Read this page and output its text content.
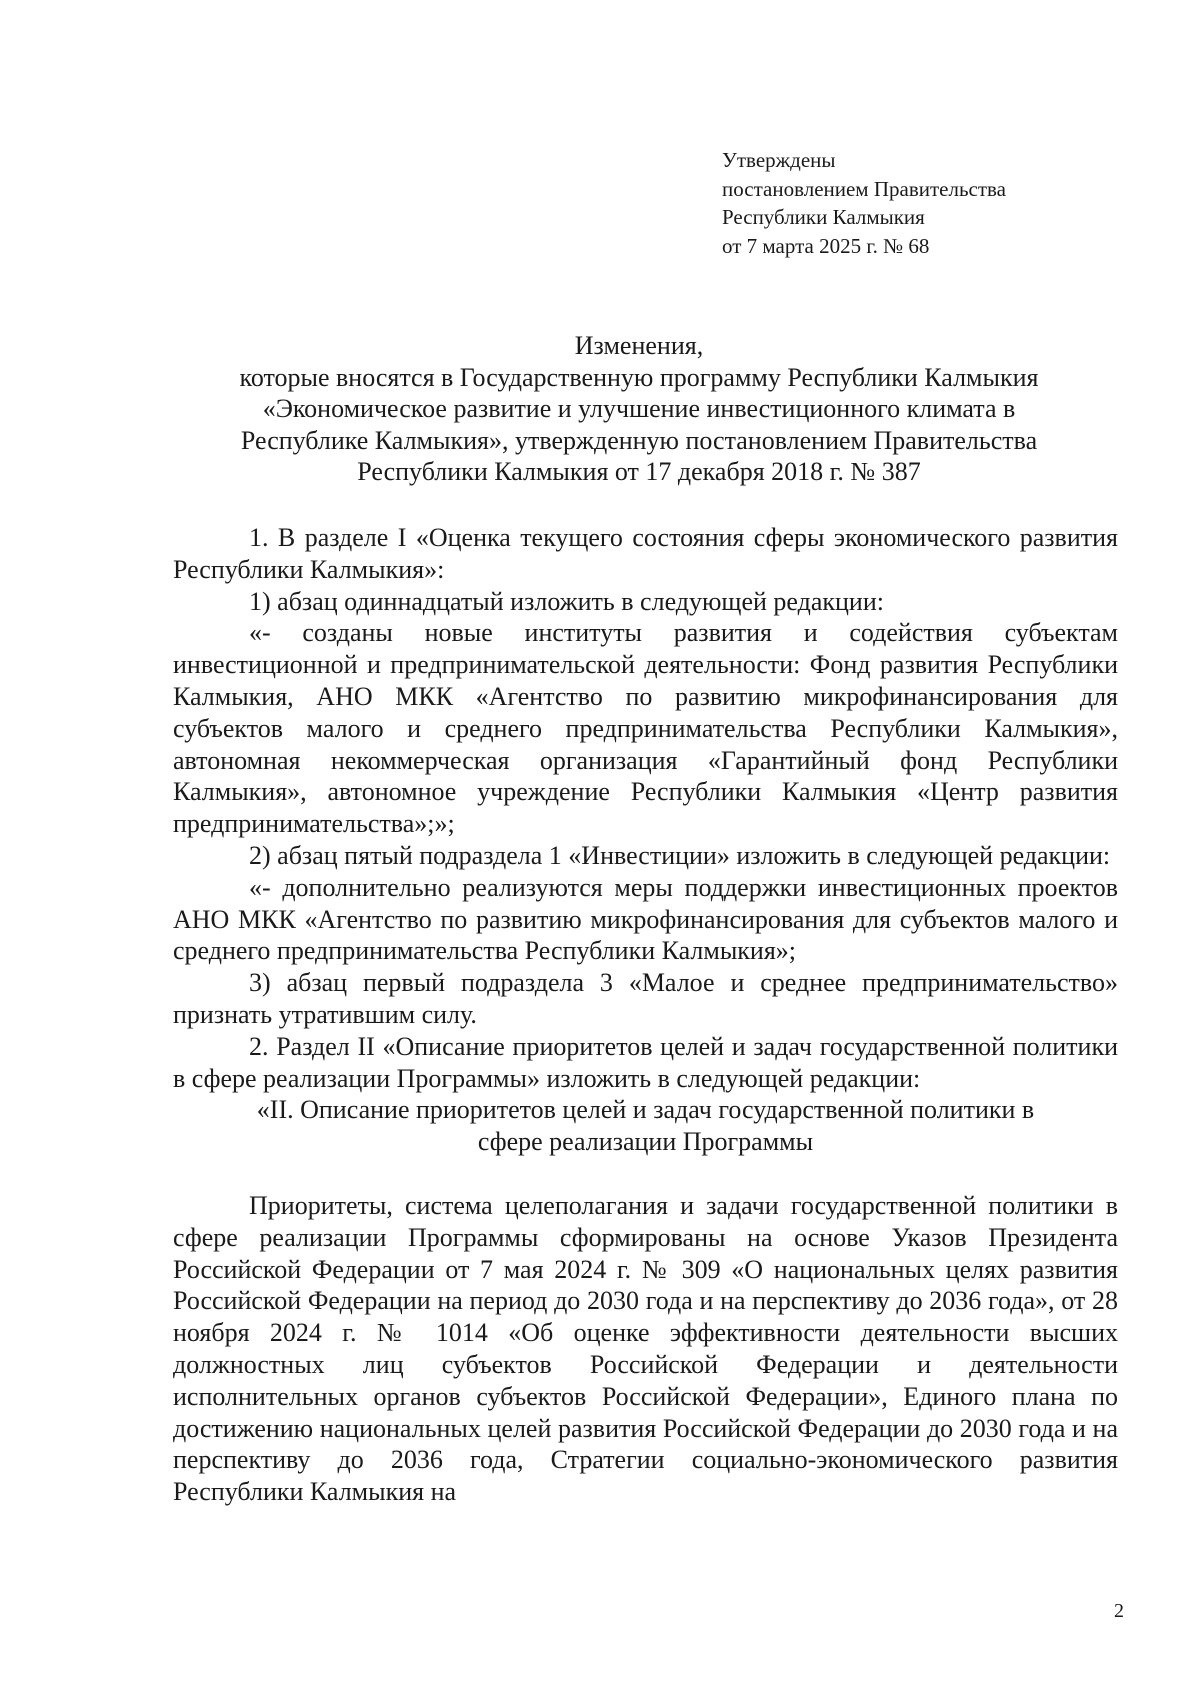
Утверждены
постановлением Правительства
Республики Калмыкия
от 7 марта 2025 г. № 68
Изменения,
которые вносятся в Государственную программу Республики Калмыкия
«Экономическое развитие и улучшение инвестиционного климата в
Республике Калмыкия», утвержденную постановлением Правительства
Республики Калмыкия от 17 декабря 2018 г. № 387
1. В разделе I «Оценка текущего состояния сферы экономического развития Республики Калмыкия»:
1) абзац одиннадцатый изложить в следующей редакции:
«- созданы новые институты развития и содействия субъектам инвестиционной и предпринимательской деятельности: Фонд развития Республики Калмыкия, АНО МКК «Агентство по развитию микрофинансирования для субъектов малого и среднего предпринимательства Республики Калмыкия», автономная некоммерческая организация «Гарантийный фонд Республики Калмыкия», автономное учреждение Республики Калмыкия «Центр развития предпринимательства»;»;
2) абзац пятый подраздела 1 «Инвестиции» изложить в следующей редакции:
«- дополнительно реализуются меры поддержки инвестиционных проектов АНО МКК «Агентство по развитию микрофинансирования для субъектов малого и среднего предпринимательства Республики Калмыкия»;
3) абзац первый подраздела 3 «Малое и среднее предпринимательство» признать утратившим силу.
2. Раздел II «Описание приоритетов целей и задач государственной политики в сфере реализации Программы» изложить в следующей редакции:
«II. Описание приоритетов целей и задач государственной политики в
сфере реализации Программы
Приоритеты, система целеполагания и задачи государственной политики в сфере реализации Программы сформированы на основе Указов Президента Российской Федерации от 7 мая 2024 г. № 309 «О национальных целях развития Российской Федерации на период до 2030 года и на перспективу до 2036 года», от 28 ноября 2024 г. № 1014 «Об оценке эффективности деятельности высших должностных лиц субъектов Российской Федерации и деятельности исполнительных органов субъектов Российской Федерации», Единого плана по достижению национальных целей развития Российской Федерации до 2030 года и на перспективу до 2036 года, Стратегии социально-экономического развития Республики Калмыкия на
2
